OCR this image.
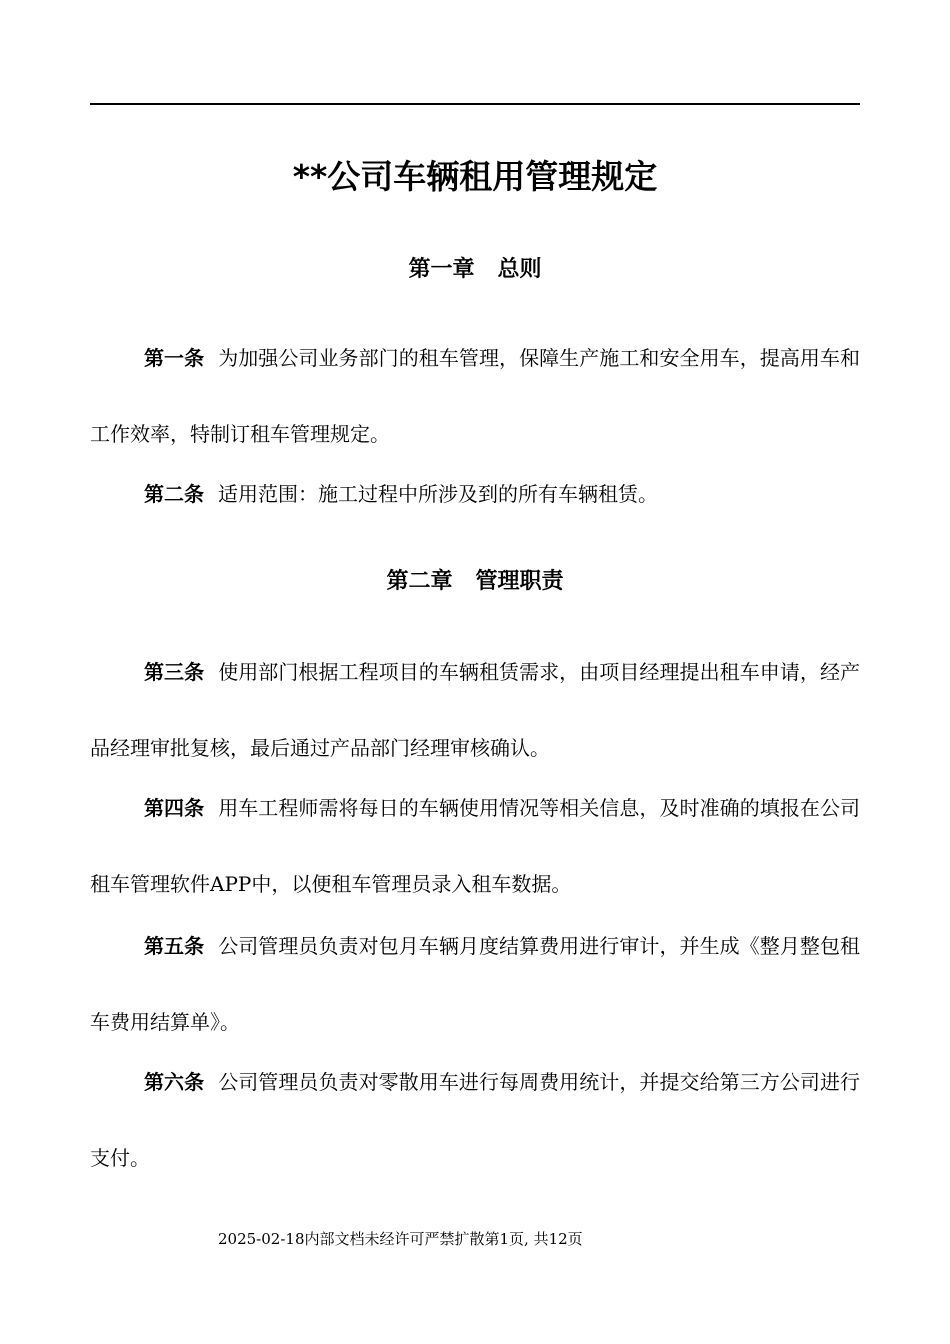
**公司车辆租用管理规定
第一章   总则

第一条 为加强公司业务部门的租车管理，保障生产施工和安全用车，提高用车和工作效率，特制订租车管理规定。

第二条 适用范围：施工过程中所涉及到的所有车辆租赁。

第二章   管理职责

第三条 使用部门根据工程项目的车辆租赁需求，由项目经理提出租车申请，经产品经理审批复核，最后通过产品部门经理审核确认。

第四条 用车工程师需将每日的车辆使用情况等相关信息，及时准确的填报在公司租车管理软件APP中，以便租车管理员录入租车数据。

第五条 公司管理员负责对包月车辆月度结算费用进行审计，并生成《整月整包租车费用结算单》。

第六条 公司管理员负责对零散用车进行每周费用统计，并提交给第三方公司进行支付。

2025-02-18内部文档未经许可严禁扩散第1页, 共12页
